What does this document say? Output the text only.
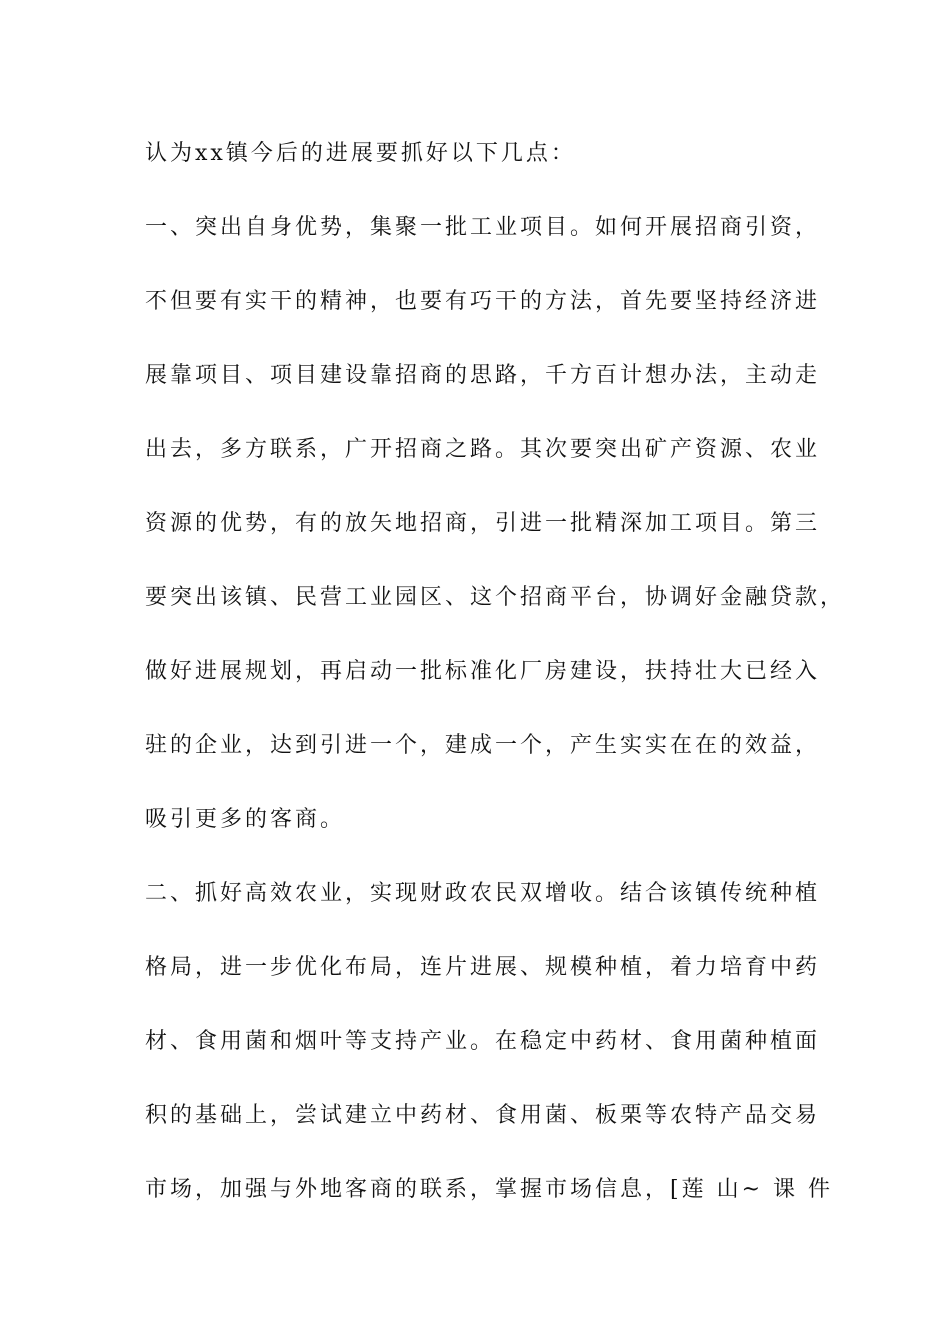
认为xx镇今后的进展要抓好以下几点：
一、突出自身优势，集聚一批工业项目。如何开展招商引资，
不但要有实干的精神，也要有巧干的方法，首先要坚持经济进
展靠项目、项目建设靠招商的思路，千方百计想办法，主动走
出去，多方联系，广开招商之路。其次要突出矿产资源、农业
资源的优势，有的放矢地招商，引进一批精深加工项目。第三
要突出该镇、民营工业园区、这个招商平台，协调好金融贷款，
做好进展规划，再启动一批标准化厂房建设，扶持壮大已经入
驻的企业，达到引进一个，建成一个，产生实实在在的效益，
吸引更多的客商。
二、抓好高效农业，实现财政农民双增收。结合该镇传统种植
格局，进一步优化布局，连片进展、规模种植，着力培育中药
材、食用菌和烟叶等支持产业。在稳定中药材、食用菌种植面
积的基础上，尝试建立中药材、食用菌、板栗等农特产品交易
市场，加强与外地客商的联系，掌握市场信息，[莲 山~ 课 件
